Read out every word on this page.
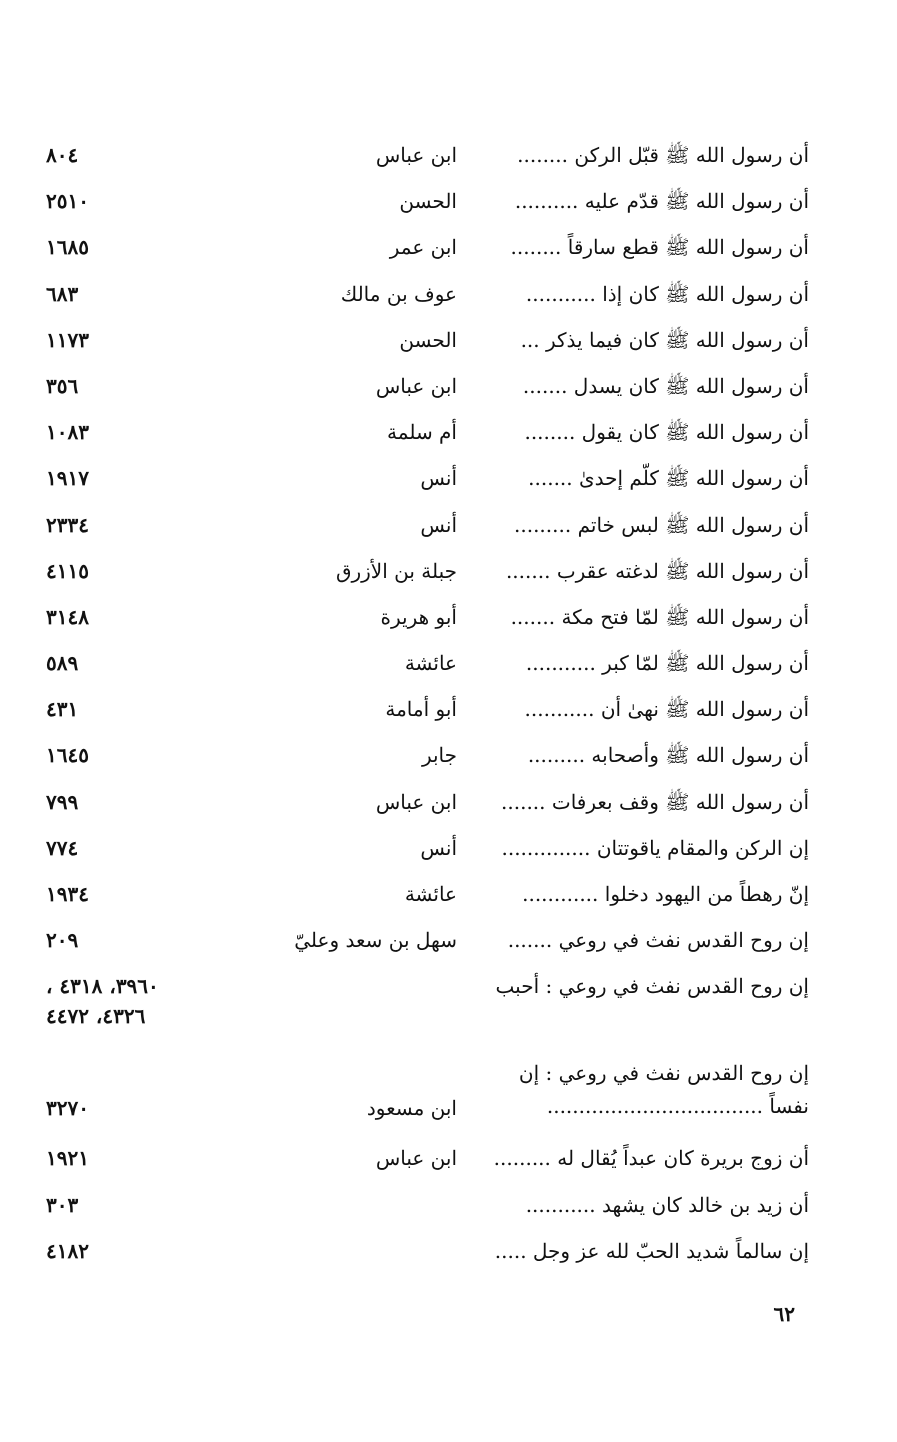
أن رسول الله ﷺ قبّل الركن ........
ابن عباس
٨٠٤
أن رسول الله ﷺ قدّم عليه ..........
الحسن
٢٥١٠
أن رسول الله ﷺ قطع سارقاً ........
ابن عمر
١٦٨٥
أن رسول الله ﷺ كان إذا ...........
عوف بن مالك
٦٨٣
أن رسول الله ﷺ كان فيما يذكر ...
الحسن
١١٧٣
أن رسول الله ﷺ كان يسدل .......
ابن عباس
٣٥٦
أن رسول الله ﷺ كان يقول ........
أم سلمة
١٠٨٣
أن رسول الله ﷺ كلّم إحدىٰ .......
أنس
١٩١٧
أن رسول الله ﷺ لبس خاتم .........
أنس
٢٣٣٤
أن رسول الله ﷺ لدغته عقرب .......
جبلة بن الأزرق
٤١١٥
أن رسول الله ﷺ لمّا فتح مكة .......
أبو هريرة
٣١٤٨
أن رسول الله ﷺ لمّا كبر ...........
عائشة
٥٨٩
أن رسول الله ﷺ نهىٰ أن ...........
أبو أمامة
٤٣١
أن رسول الله ﷺ وأصحابه .........
جابر
١٦٤٥
أن رسول الله ﷺ وقف بعرفات .......
ابن عباس
٧٩٩
إن الركن والمقام ياقوتتان ..............
أنس
٧٧٤
إنّ رهطاً من اليهود دخلوا ............
عائشة
١٩٣٤
إن روح القدس نفث في روعي .......
سهل بن سعد وعليّ
٢٠٩
إن روح القدس نفث في روعي : أحبب
٣٩٦٠، ٤٣١٨ ،
٤٣٢٦، ٤٤٧٢
إن روح القدس نفث في روعي : إن نفساً ..................................
ابن مسعود
٣٢٧٠
أن زوج بريرة كان عبداً يُقال له .........
ابن عباس
١٩٢١
أن زيد بن خالد كان يشهد ...........
٣٠٣
إن سالماً شديد الحبّ لله عز وجل .....
٤١٨٢
٦٢
